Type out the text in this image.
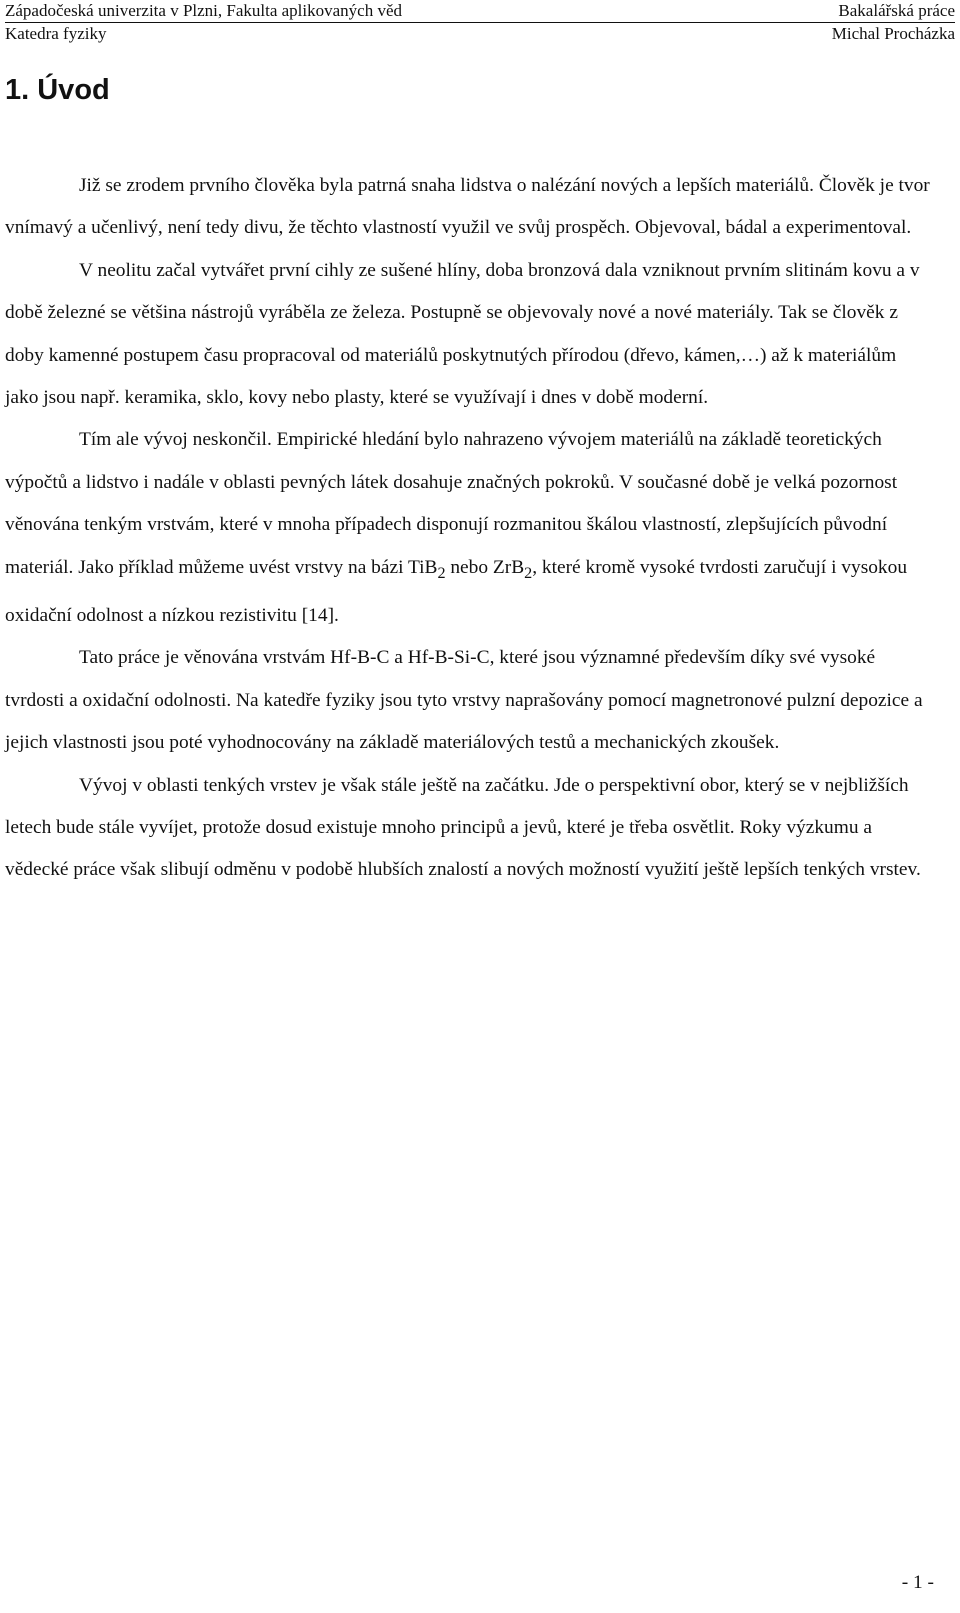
Západočeská univerzita v Plzni, Fakulta aplikovaných věd	Bakalářská práce
Katedra fyziky	Michal Procházka
1. Úvod

Již se zrodem prvního člověka byla patrná snaha lidstva o nalézání nových a lepších materiálů. Člověk je tvor vnímavý a učenlivý, není tedy divu, že těchto vlastností využil ve svůj prospěch. Objevoval, bádal a experimentoval.

V neolitu začal vytvářet první cihly ze sušené hlíny, doba bronzová dala vzniknout prvním slitinám kovu a v době železné se většina nástrojů vyráběla ze železa. Postupně se objevovaly nové a nové materiály. Tak se člověk z doby kamenné postupem času propracoval od materiálů poskytnutých přírodou (dřevo, kámen,…) až k materiálům jako jsou např. keramika, sklo, kovy nebo plasty, které se využívají i dnes v době moderní.

Tím ale vývoj neskončil. Empirické hledání bylo nahrazeno vývojem materiálů na základě teoretických výpočtů a lidstvo i nadále v oblasti pevných látek dosahuje značných pokroků. V současné době je velká pozornost věnována tenkým vrstvám, které v mnoha případech disponují rozmanitou škálou vlastností, zlepšujících původní materiál. Jako příklad můžeme uvést vrstvy na bázi TiB$_2$ nebo ZrB$_2$, které kromě vysoké tvrdosti zaručují i vysokou oxidační odolnost a nízkou rezistivitu [14].

Tato práce je věnována vrstvám Hf-B-C a Hf-B-Si-C, které jsou významné především díky své vysoké tvrdosti a oxidační odolnosti. Na katedře fyziky jsou tyto vrstvy naprašovány pomocí magnetronové pulzní depozice a jejich vlastnosti jsou poté vyhodnocovány na základě materiálových testů a mechanických zkoušek.

Vývoj v oblasti tenkých vrstev je však stále ještě na začátku. Jde o perspektivní obor, který se v nejbližších letech bude stále vyvíjet, protože dosud existuje mnoho principů a jevů, které je třeba osvětlit. Roky výzkumu a vědecké práce však slibují odměnu v podobě hlubších znalostí a nových možností využití ještě lepších tenkých vrstev.

- 1 -
